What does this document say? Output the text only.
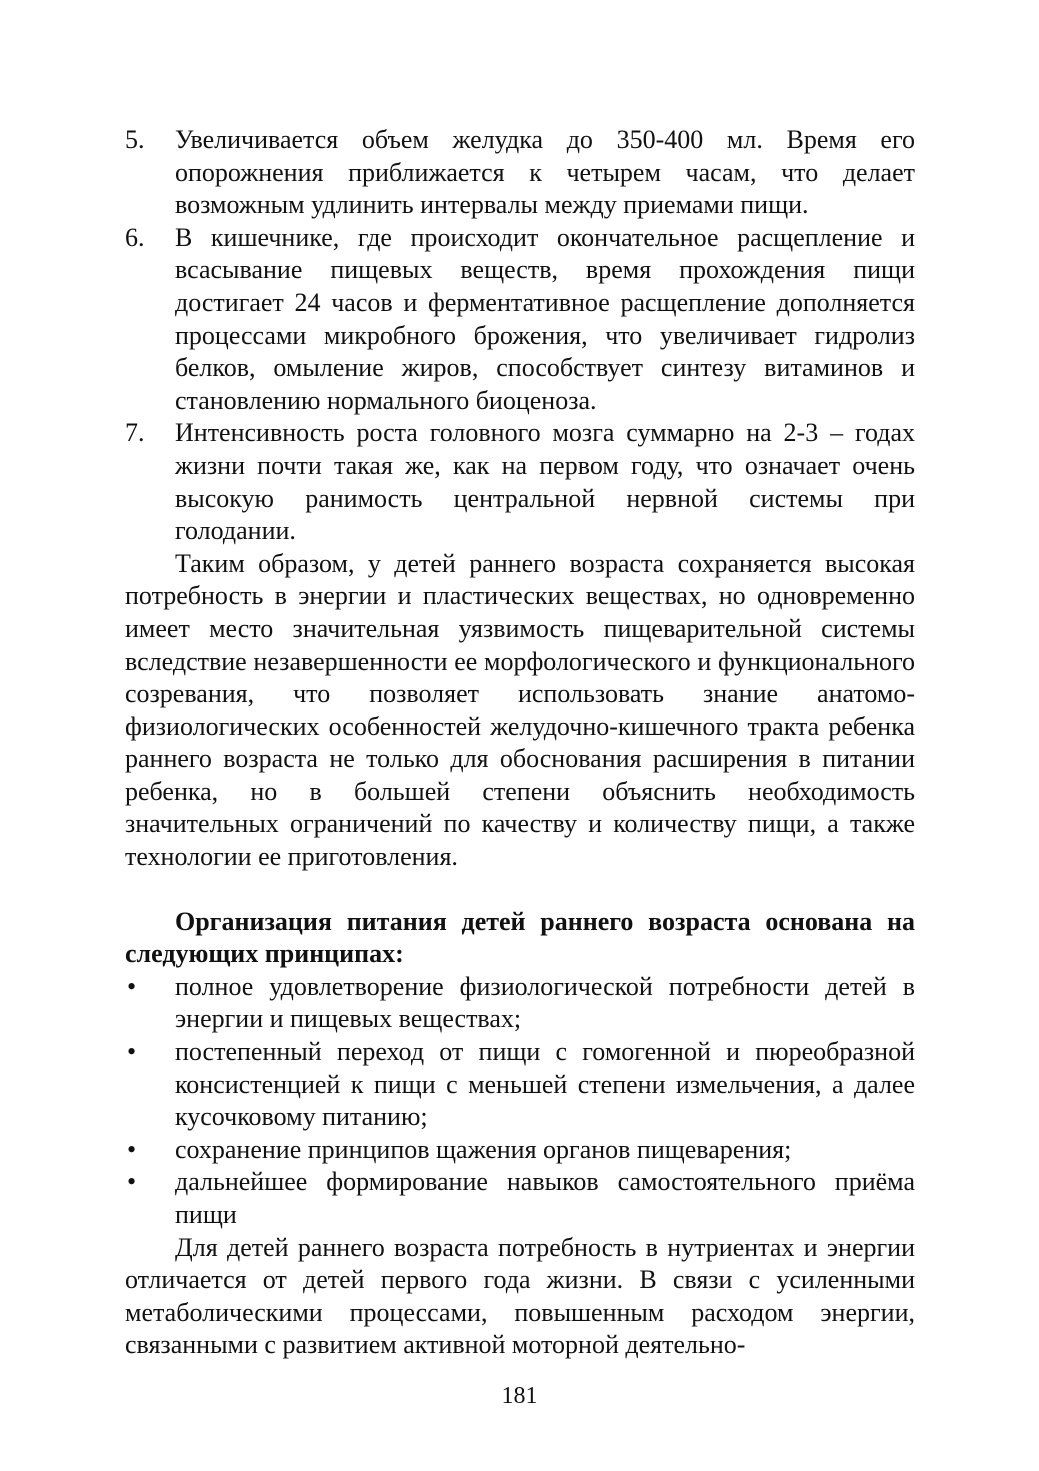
5. Увеличивается объем желудка до 350-400 мл. Время его опорожнения приближается к четырем часам, что делает возможным удлинить интервалы между приемами пищи.
6. В кишечнике, где происходит окончательное расщепление и всасывание пищевых веществ, время прохождения пищи достигает 24 часов и ферментативное расщепление дополняется процессами микробного брожения, что увеличивает гидролиз белков, омыление жиров, способствует синтезу витаминов и становлению нормального биоценоза.
7. Интенсивность роста головного мозга суммарно на 2-3 – годах жизни почти такая же, как на первом году, что означает очень высокую ранимость центральной нервной системы при голодании.

Таким образом, у детей раннего возраста сохраняется высокая потребность в энергии и пластических веществах, но одновременно имеет место значительная уязвимость пищеварительной системы вследствие незавершенности ее морфологического и функционального созревания, что позволяет использовать знание анатомо-физиологических особенностей желудочно-кишечного тракта ребенка раннего возраста не только для обоснования расширения в питании ребенка, но в большей степени объяснить необходимость значительных ограничений по качеству и количеству пищи, а также технологии ее приготовления.

Организация питания детей раннего возраста основана на следующих принципах:

• полное удовлетворение физиологической потребности детей в энергии и пищевых веществах;
• постепенный переход от пищи с гомогенной и пюреобразной консистенцией к пищи с меньшей степени измельчения, а далее кусочковому питанию;
• сохранение принципов щажения органов пищеварения;
• дальнейшее формирование навыков самостоятельного приёма пищи

Для детей раннего возраста потребность в нутриентах и энергии отличается от детей первого года жизни. В связи с усиленными метаболическими процессами, повышенным расходом энергии, связанными с развитием активной моторной деятельно-

181
